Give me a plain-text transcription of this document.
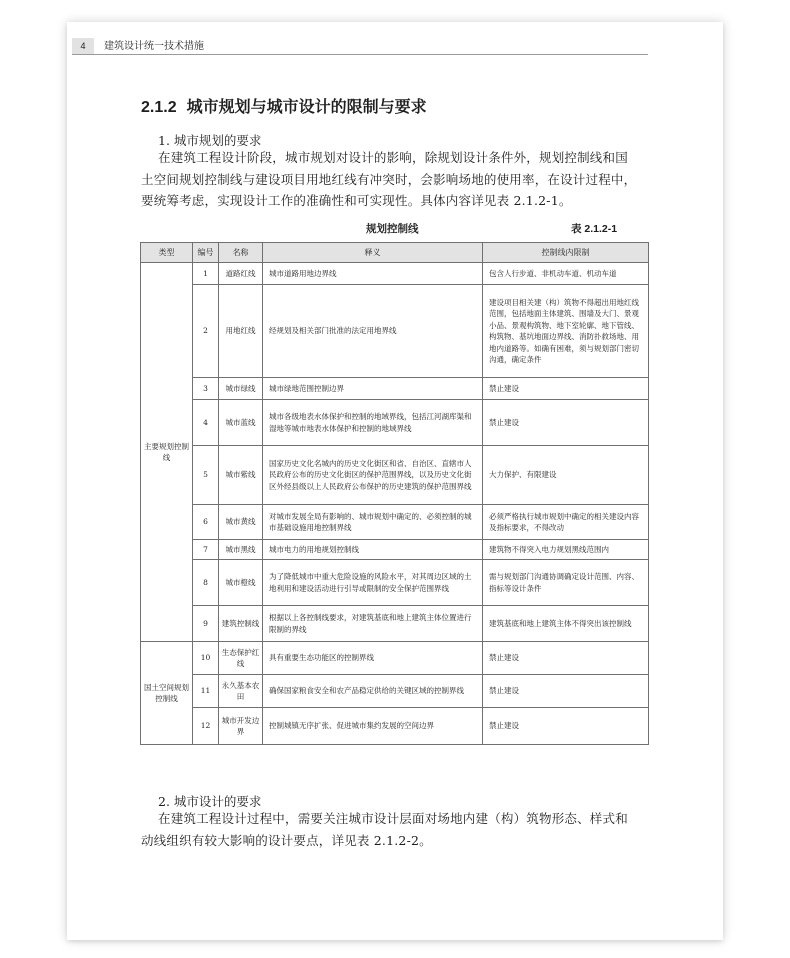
4 建筑设计统一技术措施
2.1.2 城市规划与城市设计的限制与要求
1. 城市规划的要求
在建筑工程设计阶段，城市规划对设计的影响，除规划设计条件外，规划控制线和国
土空间规划控制线与建设项目用地红线有冲突时，会影响场地的使用率，在设计过程中，
要统筹考虑，实现设计工作的准确性和可实现性。具体内容详见表 2.1.2-1。
规划控制线	表 2.1.2-1
类型	编号	名称	释义	控制线内限制
主要规划控制线	1	道路红线	城市道路用地边界线	包含人行步道、非机动车道、机动车道
	2	用地红线	经规划及相关部门批准的法定用地界线	建设项目相关建（构）筑物不得超出用地红线范围，包括地面主体建筑、围墙及大门、景观小品、景观构筑物、地下室轮廓、地下管线、构筑物、基坑地面边界线、消防扑救场地、用地内道路等。如确有困难，须与规划部门密切沟通，确定条件
	3	城市绿线	城市绿地范围控制边界	禁止建设
	4	城市蓝线	城市各级地表水体保护和控制的地域界线，包括江河湖库渠和湿地等城市地表水体保护和控制的地域界线	禁止建设
	5	城市紫线	国家历史文化名城内的历史文化街区和省、自治区、直辖市人民政府公布的历史文化街区的保护范围界线，以及历史文化街区外经县级以上人民政府公布保护的历史建筑的保护范围界线	大力保护、有限建设
	6	城市黄线	对城市发展全局有影响的、城市规划中确定的、必须控制的城市基础设施用地控制界线	必须严格执行城市规划中确定的相关建设内容及指标要求，不得改动
	7	城市黑线	城市电力的用地规划控制线	建筑物不得突入电力规划黑线范围内
	8	城市橙线	为了降低城市中重大危险设施的风险水平，对其周边区域的土地利用和建设活动进行引导或限制的安全保护范围界线	需与规划部门沟通协调确定设计范围、内容、指标等设计条件
	9	建筑控制线	根据以上各控制线要求，对建筑基底和地上建筑主体位置进行限制的界线	建筑基底和地上建筑主体不得突出该控制线
国土空间规划控制线	10	生态保护红线	具有重要生态功能区的控制界线	禁止建设
	11	永久基本农田	确保国家粮食安全和农产品稳定供给的关键区域的控制界线	禁止建设
	12	城市开发边界	控制城镇无序扩张、促进城市集约发展的空间边界	禁止建设
2. 城市设计的要求
在建筑工程设计过程中，需要关注城市设计层面对场地内建（构）筑物形态、样式和
动线组织有较大影响的设计要点，详见表 2.1.2-2。
